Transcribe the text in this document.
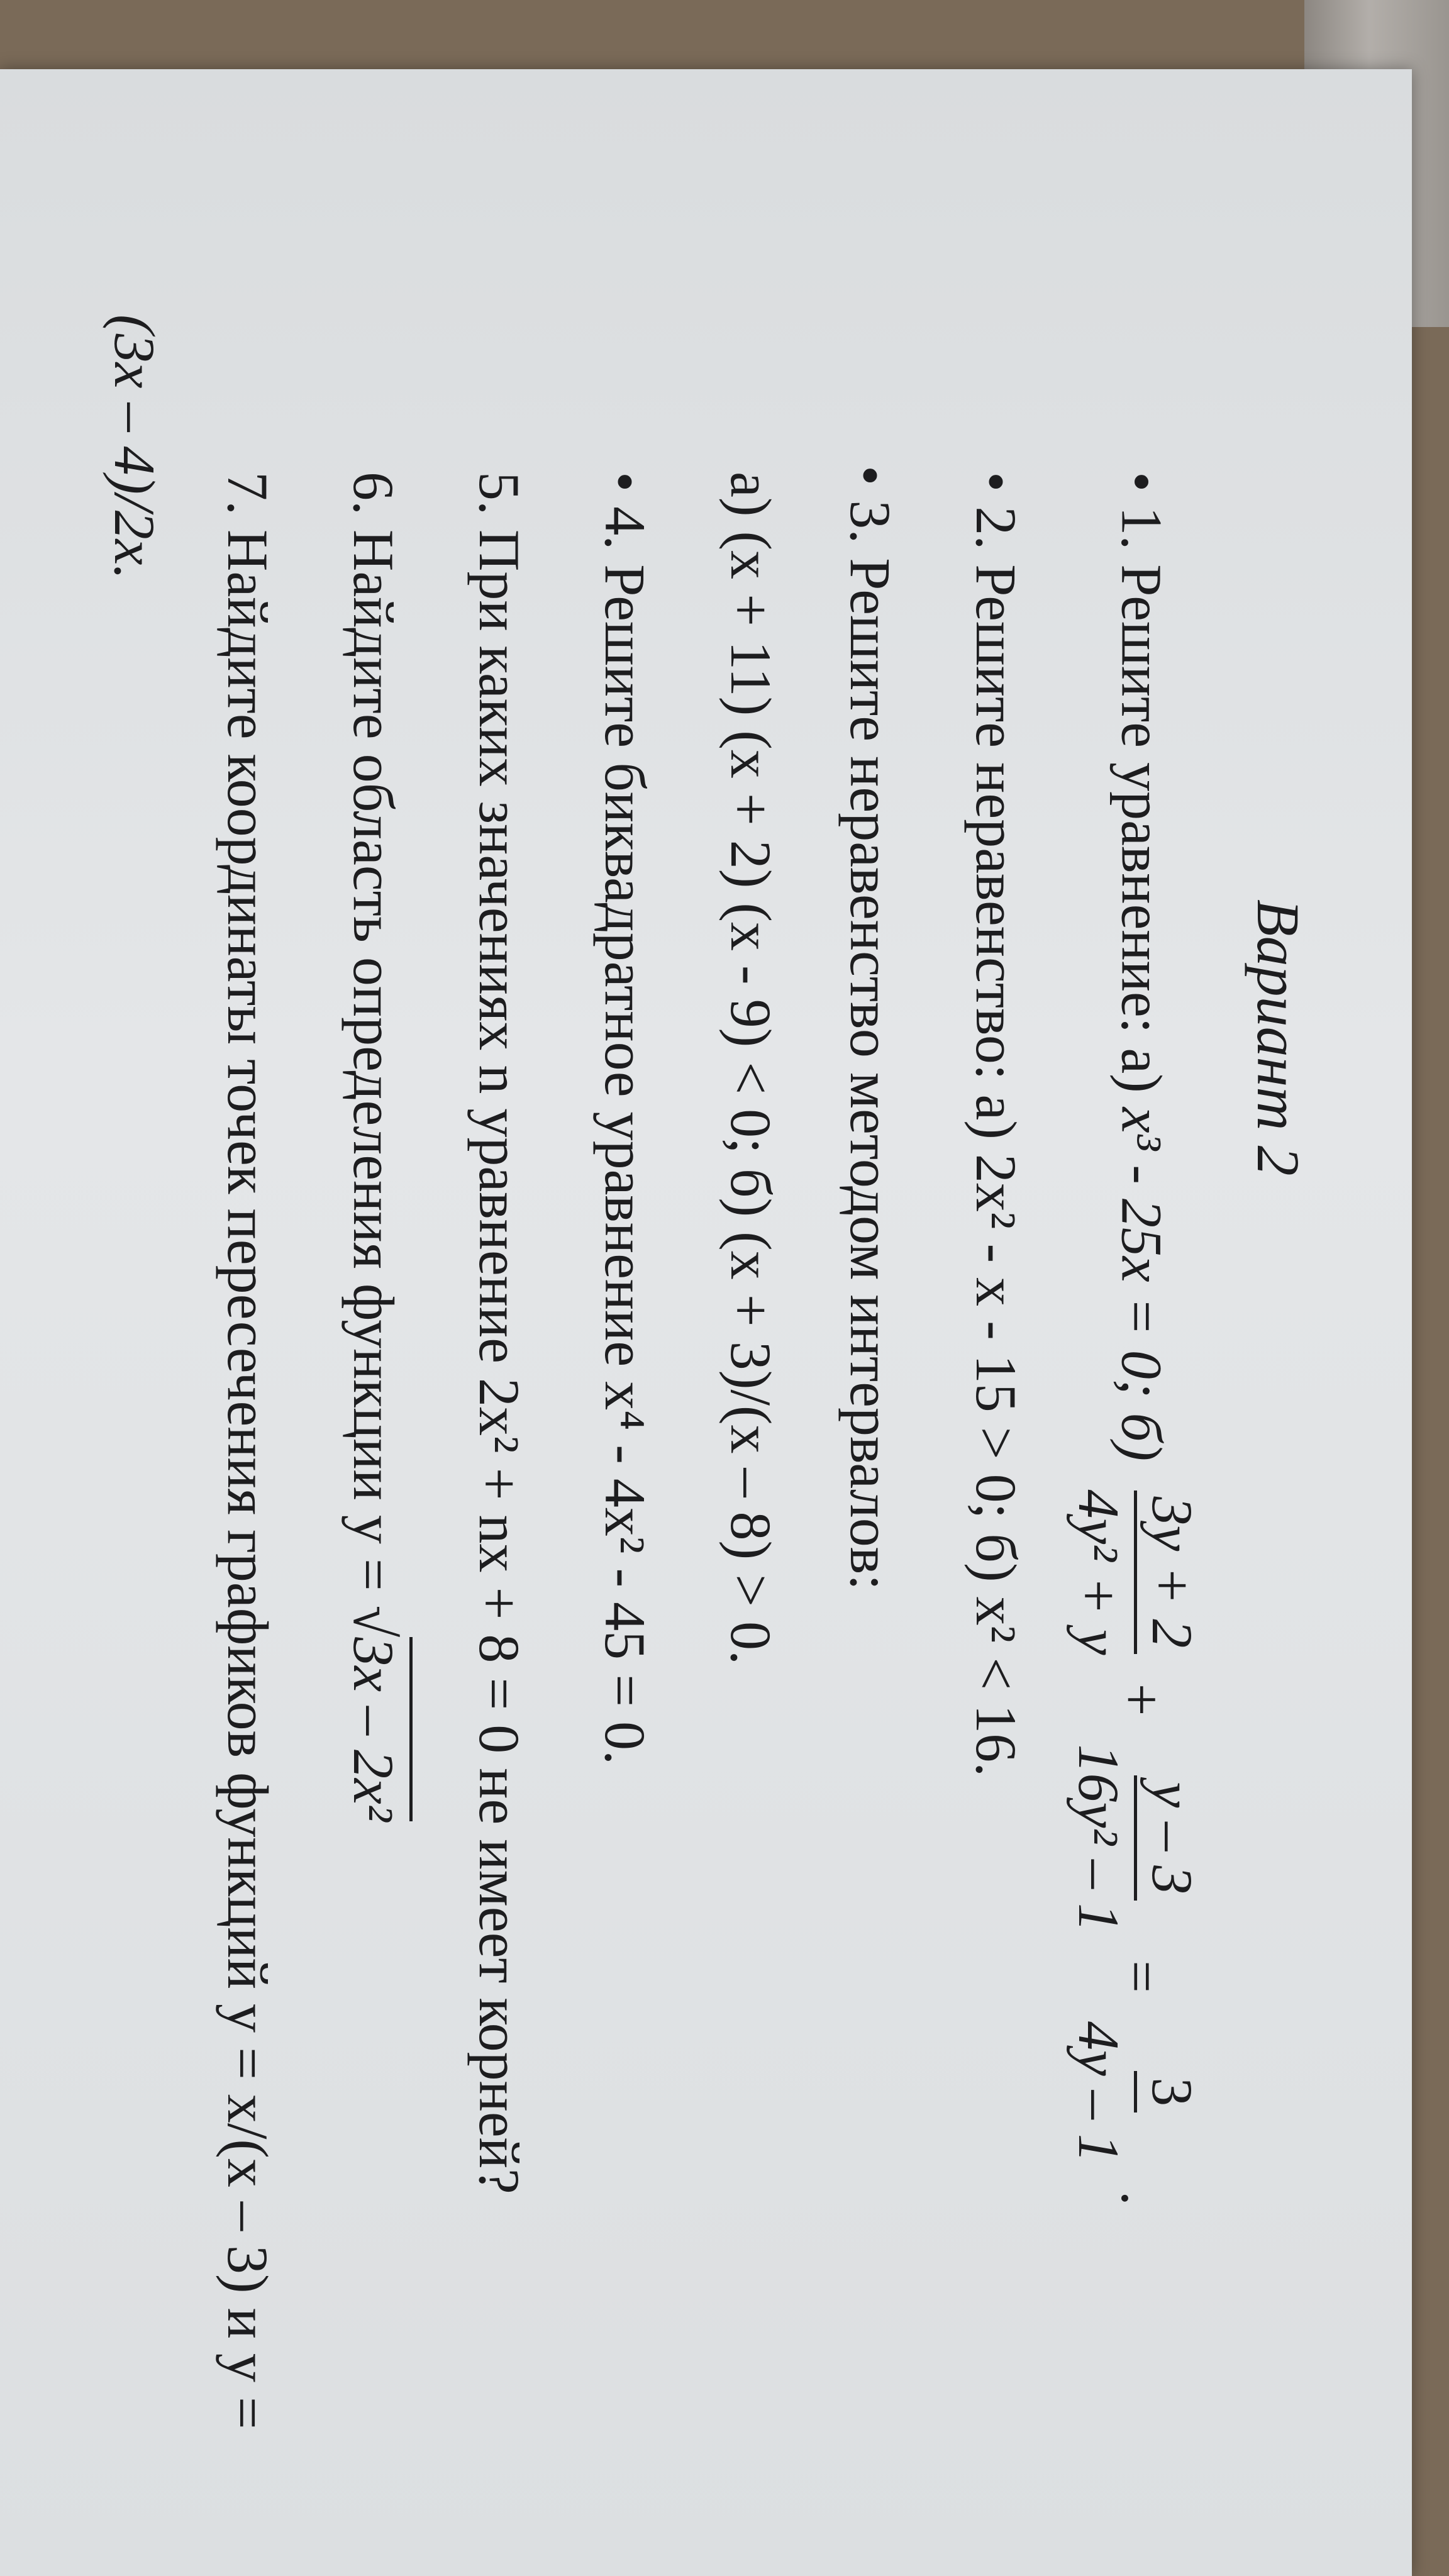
Вариант 2
• 1. Решите уравнение: а) x³ - 25x = 0; б)
3y + 2
4y² + y
+
y – 3
16y² – 1
=
3
4y – 1
.
• 2. Решите неравенство: а) 2x² - x - 15 > 0; б) x² < 16.
• 3. Решите неравенство методом интервалов:
а) (x + 11) (x + 2) (x - 9) < 0; б) (x + 3)/(x – 8) > 0.
• 4. Решите биквадратное уравнение x⁴ - 4x² - 45 = 0.
5. При каких значениях n уравнение 2x² + nx + 8 = 0 не имеет корней?
6. Найдите область определения функции y = √3x – 2x²
7. Найдите координаты точек пересечения графиков функций y = x/(x – 3) и y =
(3x – 4)/2x.
